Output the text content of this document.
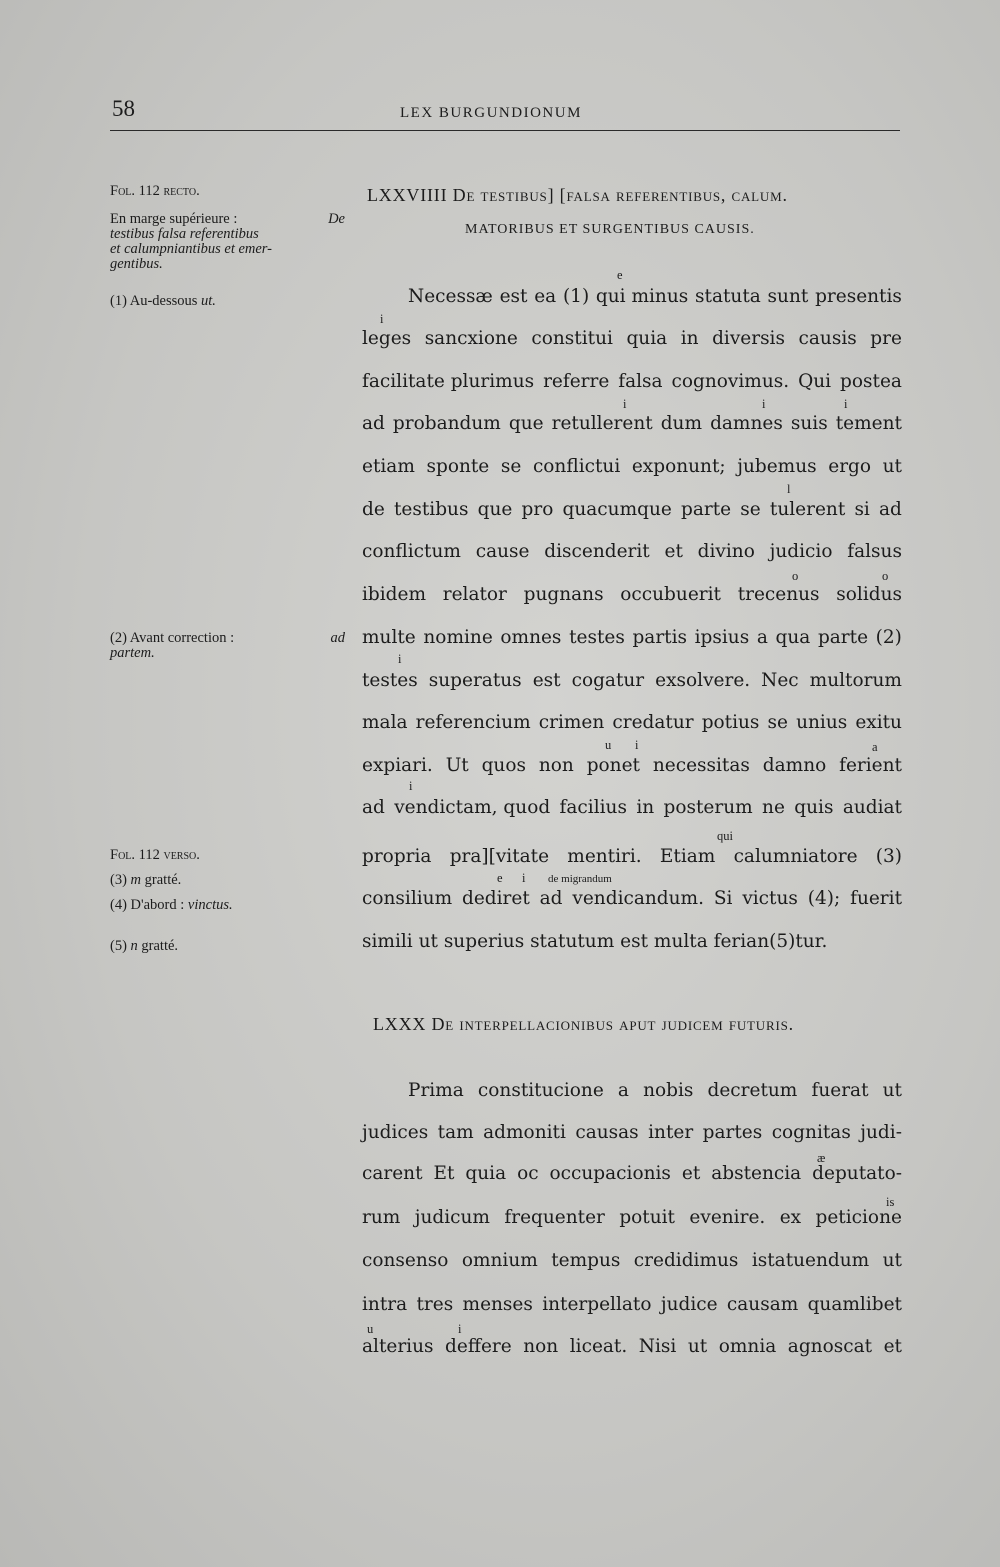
58	LEX BURGUNDIONUM
Fol. 112 recto.
En marge supérieure :	De
testibus falsa referentibus
et calumpniantibus et emer-
gentibus.
(1) Au-dessous ut.
(2) Avant correction :	ad
partem.
Fol. 112 verso.
(3) m gratté.
(4) D'abord : vinctus.
(5) n gratté.
LXXVIIII De testibus] [falsa referentibus, calum.
MATORIBUS ET SURGENTIBUS CAUSIS.
Necessæ est ea (1) qui minus statuta sunt presentis
leges sancxione constitui quia in diversis causis pre
facilitate plurimus referre falsa cognovimus. Qui postea
ad probandum que retullerent dum damnes suis tement
etiam sponte se conflictui exponunt; jubemus ergo ut
de testibus que pro quacumque parte se tulerent si ad
conflictum cause discenderit et divino judicio falsus
ibidem relator pugnans occubuerit trecenus solidus
multe nomine omnes testes partis ipsius a qua parte (2)
testes superatus est cogatur exsolvere. Nec multorum
mala referencium crimen credatur potius se unius exitu
expiari. Ut quos non ponet necessitas damno ferient
ad vendictam, quod facilius in posterum ne quis audiat
propria pra][vitate mentiri. Etiam calumniatore (3)
consilium dediret ad vendicandum. Si victus (4); fuerit
simili ut superius statutum est multa ferian(5)tur.
e
i
i	i	i
l
o	o
i
u i	a
i
qui
e i de migrandum
LXXX De interpellacionibus aput judicem futuris.
Prima constitucione a nobis decretum fuerat ut
judices tam admoniti causas inter partes cognitas judi-
carent Et quia oc occupacionis et abstencia deputato-
rum judicum frequenter potuit evenire. ex peticione
consenso omnium tempus credidimus istatuendum ut
intra tres menses interpellato judice causam quamlibet
alterius deffere non liceat. Nisi ut omnia agnoscat et
æ
is
u	i
